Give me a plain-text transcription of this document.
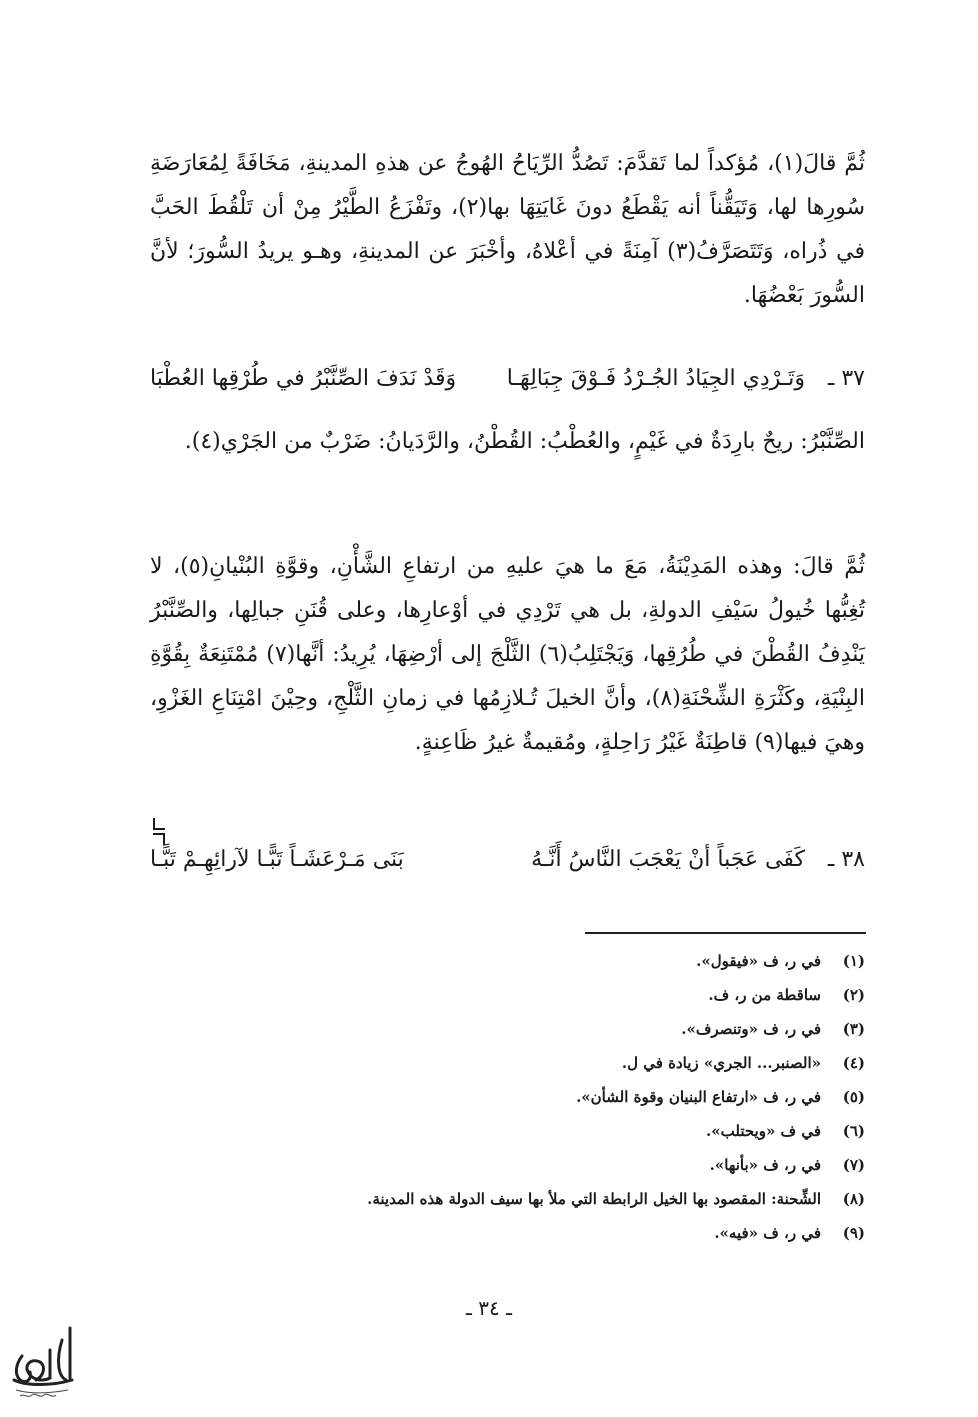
ثُمَّ قالَ(١)، مُؤكداً لما تَقدَّمَ: تَصُدُّ الرِّيَاحُ الهُوجُ عن هذهِ المدينةِ، مَخَافَةً لِمُعَارَضَةِ سُورِها لها، وَتَيَقُّناً أنه يَقْطَعُ دونَ غَايَتِهَا بها(٢)، وتَفْزَعُ الطَّيْرُ مِنْ أن تَلْقُطَ الحَبَّ في ذُراه، وَتَتَصَرَّفُ(٣) آمِنَةً في أعْلاهُ، وأخْبَرَ عن المدينةِ، وهـو يريدُ السُّورَ؛ لأنَّ السُّورَ بَعْضُهَا.

٣٧ ـ
وَتَـرْدِي الجِيَادُ الجُـرْدُ فَـوْقَ جِبَالِهَـا
وَقَدْ نَدَفَ الصِّنَّبْرُ في طُرْقِها العُطْبَا

الصِّنَّبْرُ: ريحٌ بارِدَةٌ في غَيْمٍ، والعُطْبُ: القُطْنُ، والرَّدَيانُ: ضَرْبٌ من الجَرْي(٤).

ثُمَّ قالَ: وهذه المَدِيْنَةُ، مَعَ ما هيَ عليهِ من ارتفاعِ الشَّأْنِ، وقوَّةِ البُنْيانِ(٥)، لا تُغِبُّها خُيولُ سَيْفِ الدولةِ، بل هي تَرْدِي في أوْعارِها، وعلى قُنَنِ جبالِها، والصِّنَّبْرُ يَنْدِفُ القُطْنَ في طُرُقِها، وَيَجْتَلِبُ(٦) الثَّلْجَ إلى أرْضِهَا، يُرِيدُ: أنَّها(٧) مُمْتَنِعَةٌ بِقُوَّةِ البِنْيَةِ، وكَثْرَةِ الشِّحْنَةِ(٨)، وأنَّ الخيلَ تُـلازِمُها في زمانِ الثَّلْجِ، وحِيْنَ امْتِنَاعِ الغَزْوِ، وهيَ فيها(٩) قاطِنَةٌ غَيْرُ رَاحِلةٍ، ومُقيمةٌ غيرُ ظَاعِنةٍ.

٣٨ ـ
كَفَى عَجَباً أنْ يَعْجَبَ النَّاسُ أَنَّـهُ
بَنَى مَـرْعَشَـاً تَبًّـا لآرائِهِـمْ تَبًّـا
(١)في ر، ف «فيقول».
(٢)ساقطة من ر، ف.
(٣)في ر، ف «وتنصرف».
(٤)«الصنبر... الجري» زيادة في ل.
(٥)في ر، ف «ارتفاع البنيان وقوة الشأن».
(٦)في ف «ويحتلب».
(٧)في ر، ف «بأنها».
(٨)الشِّحنة: المقصود بها الخيل الرابطة التي ملأ بها سيف الدولة هذه المدينة.
(٩)في ر، ف «فيه».
ـ ٣٤ ـ
